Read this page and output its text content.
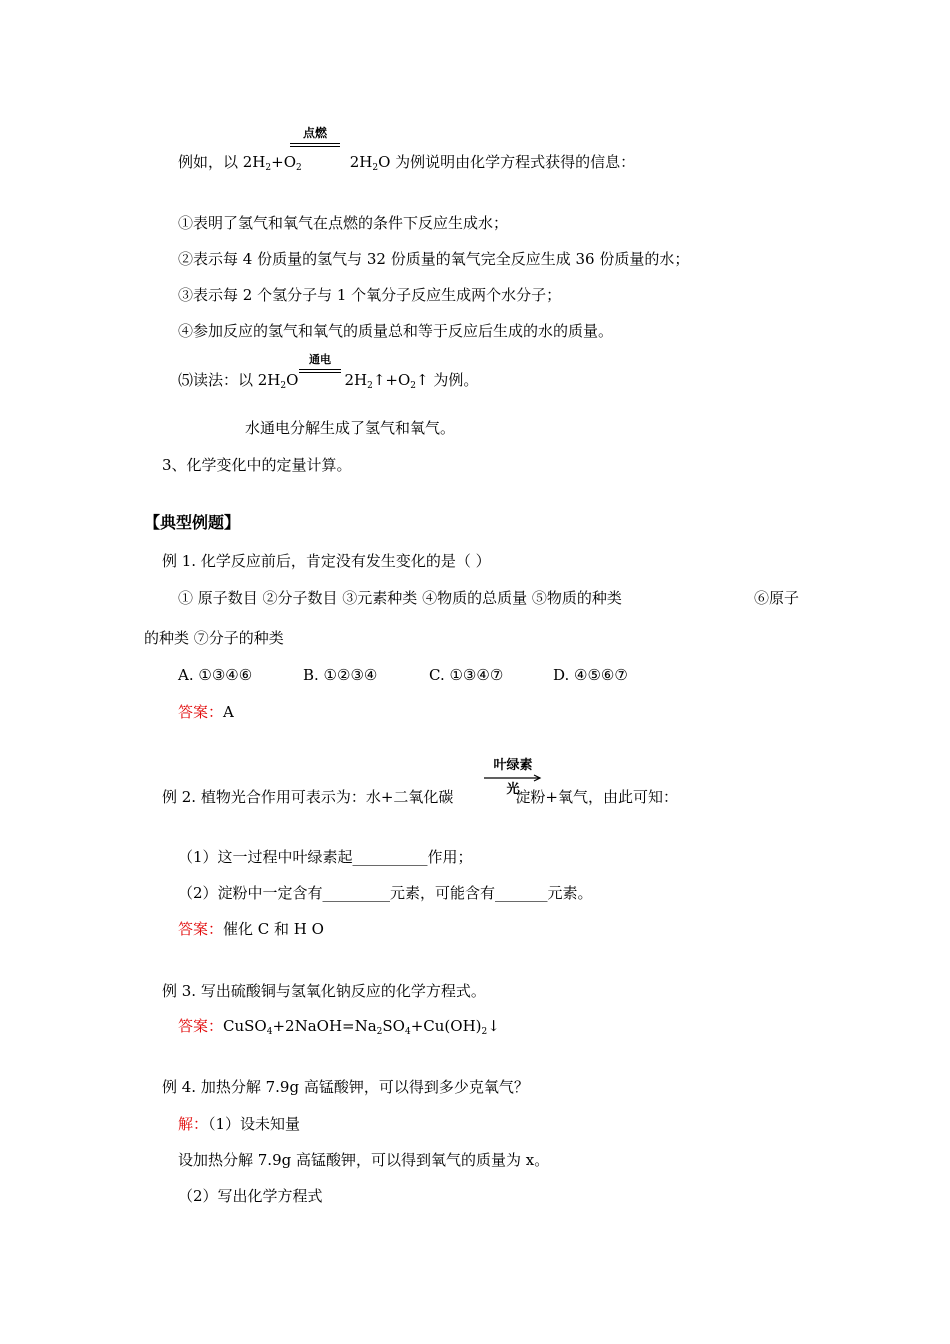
例如，以 $2H_2+O_2$	$2H_2O$ 为例说明由化学方程式获得的信息：
点燃
①表明了氢气和氧气在点燃的条件下反应生成水；
②表示每 4 份质量的氢气与 32 份质量的氧气完全反应生成 36 份质量的水；
③表示每 2 个氢分子与 1 个氧分子反应生成两个水分子；
④参加反应的氢气和氧气的质量总和等于反应后生成的水的质量。
⑸读法：以 $2H_2O$	$2H_2↑+O_2↑$ 为例。
通电
水通电分解生成了氢气和氧气。
3、化学变化中的定量计算。
【典型例题】
例 1. 化学反应前后，肯定没有发生变化的是（ ）
① 原子数目 ②分子数目 ③元素种类 ④物质的总质量 ⑤物质的种类	⑥原子
的种类 ⑦分子的种类
A. ①③④⑥	B. ①②③④	C. ①③④⑦	D. ④⑤⑥⑦
答案：A
例 2. 植物光合作用可表示为：水+二氧化碳	淀粉+氧气，由此可知：
叶绿素
光
（1）这一过程中叶绿素起__________作用；
（2）淀粉中一定含有_________元素，可能含有_______元素。
答案：催化 C 和 H O
例 3. 写出硫酸铜与氢氧化钠反应的化学方程式。
答案：$CuSO_4+2NaOH=Na_2SO_4+Cu(OH)_2↓$
例 4. 加热分解 7.9g 高锰酸钾，可以得到多少克氧气？
解：（1）设未知量
设加热分解 7.9g 高锰酸钾，可以得到氧气的质量为 x。
（2）写出化学方程式
